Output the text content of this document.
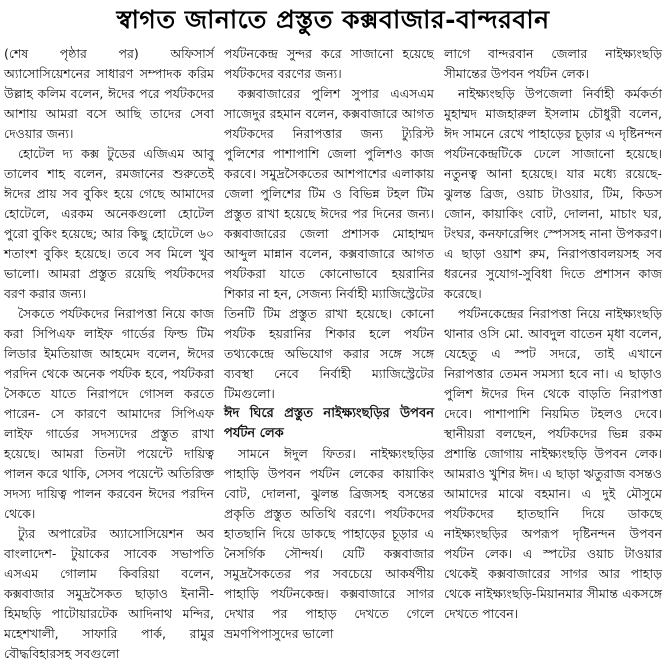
স্বাগত জানাতে প্রস্তুত কক্সবাজার-বান্দরবান

(শেষ পৃষ্ঠার পর) অফিসার্স অ্যাসোসিয়েশনের সাধারণ সম্পাদক করিম উল্লাহ কলিম বলেন, ঈদের পরে পর্যটকদের আশায় আমরা বসে আছি তাদের সেবা দেওয়ার জন্য।

হোটেল দ্য কক্স টুডের এজিএম আবু তালেব শাহ বলেন, রমজানের শুরুতেই ঈদের প্রায় সব বুকিং হয়ে গেছে আমাদের হোটেলে, এরকম অনেকগুলো হোটেল পুরো বুকিং হয়েছে; আর কিছু হোটেলে ৬০ শতাংশ বুকিং হয়েছে। তবে সব মিলে খুব ভালো। আমরা প্রস্তুত রয়েছি পর্যটকদের বরণ করার জন্য।

সৈকতে পর্যটকদের নিরাপত্তা নিয়ে কাজ করা সিপিএফ লাইফ গার্ডের ফিল্ড টিম লিডার ইমতিয়াজ আহমেদ বলেন, ঈদের পরদিন থেকে অনেক পর্যটক হবে, পর্যটকরা সৈকতে যাতে নিরাপদে গোসল করতে পারেন- সে কারণে আমাদের সিপিএফ লাইফ গার্ডের সদস্যদের প্রস্তুত রাখা হয়েছে। আমরা তিনটা পয়েন্টে দায়িত্ব পালন করে থাকি, সেসব পয়েন্টে অতিরিক্ত সদস্য দায়িত্ব পালন করবেন ঈদের পরদিন থেকে।

ট্যুর অপারেটর অ্যাসোসিয়েশন অব বাংলাদেশ- টুয়াকের সাবেক সভাপতি এসএম গোলাম কিবরিয়া বলেন, কক্সবাজার সমুদ্রসৈকত ছাড়াও ইনানী-হিমছড়ি পাটোয়ারটেক আদিনাথ মন্দির, মহেশখালী, সাফারি পার্ক, রামুর বৌদ্ধবিহারসহ সবগুলো

পর্যটনকেন্দ্র সুন্দর করে সাজানো হয়েছে পর্যটকদের বরণের জন্য।

কক্সবাজারের পুলিশ সুপার এএসএম সাজেদুর রহমান বলেন, কক্সবাজারে আগত পর্যটকদের নিরাপত্তার জন্য ট্যুরিস্ট পুলিশের পাশাপাশি জেলা পুলিশও কাজ করবে। সমুদ্রসৈকতের আশপাশের এলাকায় জেলা পুলিশের টিম ও বিভিন্ন টহল টিম প্রস্তুত রাখা হয়েছে ঈদের পর দিনের জন্য। কক্সবাজারের জেলা প্রশাসক মোহাম্মদ আব্দুল মান্নান বলেন, কক্সবাজারে আগত পর্যটকরা যাতে কোনোভাবে হয়রানির শিকার না হন, সেজন্য নির্বাহী ম্যাজিস্ট্রেটের তিনটি টিম প্রস্তুত রাখা হয়েছে। কোনো পর্যটক হয়রানির শিকার হলে পর্যটন তথ্যকেন্দ্রে অভিযোগ করার সঙ্গে সঙ্গে ব্যবস্থা নেবে নির্বাহী ম্যাজিস্ট্রেটের টিমগুলো।

ঈদ ঘিরে প্রস্তুত নাইক্ষ্যংছড়ির উপবন পর্যটন লেক

সামনে ঈদুল ফিতর। নাইক্ষ্যংছড়ির পাহাড়ি উপবন পর্যটন লেকের কায়াকিং বোট, দোলনা, ঝুলন্ত ব্রিজসহ বসন্তের প্রকৃতি প্রস্তুত অতিথি বরণে। পর্যটকদের হাতছানি দিয়ে ডাকছে পাহাড়ের চূড়ার এ নৈসর্গিক সৌন্দর্য। যেটি কক্সবাজার সমুদ্রসৈকতের পর সবচেয়ে আকর্ষণীয় পাহাড়ি পর্যটনকেন্দ্র। কক্সবাজারে সাগর দেখার পর পাহাড় দেখতে গেলে ভ্রমণপিপাসুদের ভালো

লাগে বান্দরবান জেলার নাইক্ষ্যংছড়ি সীমান্তের উপবন পর্যটন লেক।

নাইক্ষ্যংছড়ি উপজেলা নির্বাহী কর্মকর্তা মুহাম্মদ মাজহারুল ইসলাম চৌধুরী বলেন, ঈদ সামনে রেখে পাহাড়ের চূড়ার এ দৃষ্টিনন্দন পর্যটনকেন্দ্রটিকে ঢেলে সাজানো হয়েছে। নতুনত্ব আনা হয়েছে। যার মধ্যে রয়েছে- ঝুলন্ত ব্রিজ, ওয়াচ টাওয়ার, টিম, কিডস জোন, কায়াকিং বোট, দোলনা, মাচাং ঘর, টংঘর, কনফারেন্সিং স্পেসসহ নানা উপকরণ। এ ছাড়া ওয়াশ রুম, নিরাপত্তাবলয়সহ সব ধরনের সুযোগ-সুবিধা দিতে প্রশাসন কাজ করেছে।

পর্যটনকেন্দ্রের নিরাপত্তা নিয়ে নাইক্ষ্যংছড়ি থানার ওসি মো. আবদুল বাতেন মৃধা বলেন, যেহেতু এ স্পট সদরে, তাই এখানে নিরাপত্তার তেমন সমস্যা হবে না। এ ছাড়াও পুলিশ ঈদের দিন থেকে বাড়তি নিরাপত্তা দেবে। পাশাপাশি নিয়মিত টহলও দেবে। স্থানীয়রা বলছেন, পর্যটকদের ভিন্ন রকম প্রশান্তি জোগায় নাইক্ষ্যংছড়ি উপবন লেক। আমরাও খুশির ঈদ। এ ছাড়া ঋতুরাজ বসন্তও আমাদের মাঝে বহমান। এ দুই মৌসুমে পর্যটকদের হাতছানি দিয়ে ডাকছে নাইক্ষ্যংছড়ির অপরূপ দৃষ্টিনন্দন উপবন পর্যটন লেক। এ স্পটের ওয়াচ টাওয়ার থেকেই কক্সবাজারের সাগর আর পাহাড় থেকে নাইক্ষ্যংছড়ি-মিয়ানমার সীমান্ত একসঙ্গে দেখতে পাবেন।
